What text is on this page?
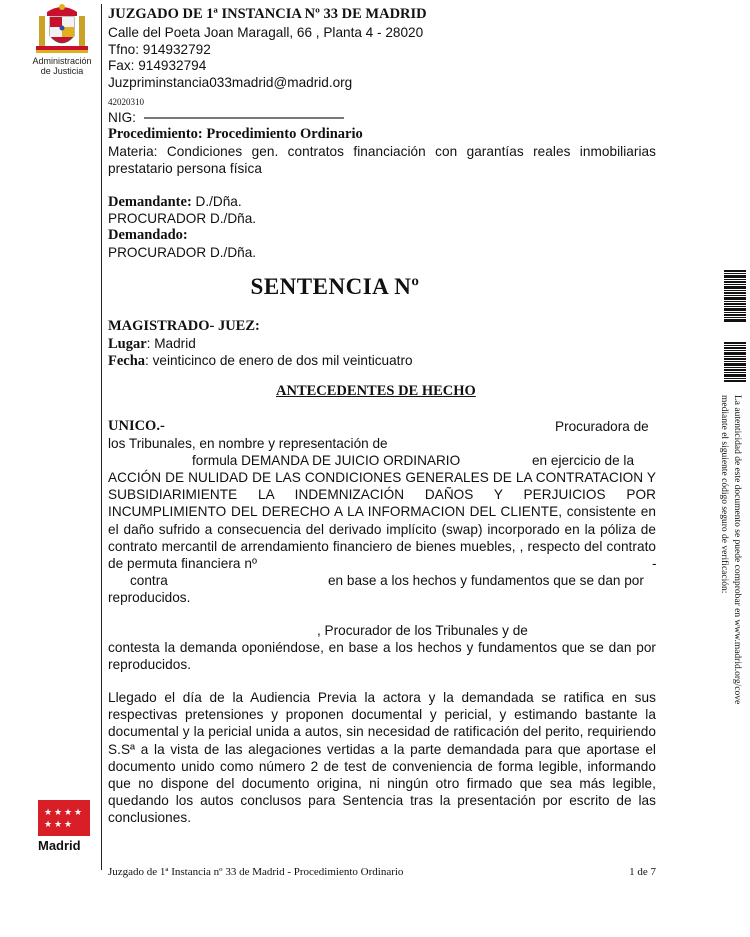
Administración
de Justicia
★ ★ ★ ★
★ ★ ★
Madrid
JUZGADO DE 1ª INSTANCIA Nº 33 DE MADRID
Calle del Poeta Joan Maragall, 66 , Planta 4 - 28020
Tfno: 914932792
Fax: 914932794
Juzpriminstancia033madrid@madrid.org
42020310
NIG:
Procedimiento: Procedimiento Ordinario
Materia: Condiciones gen. contratos financiación con garantías reales inmobiliarias prestatario persona física
Demandante: D./Dña.
PROCURADOR D./Dña.
Demandado:
PROCURADOR D./Dña.
SENTENCIA Nº
MAGISTRADO- JUEZ:
Lugar: Madrid
Fecha: veinticinco de enero de dos mil veinticuatro
ANTECEDENTES DE HECHO
UNICO.-	Procuradora de
los Tribunales, en nombre y representación de
formula DEMANDA DE JUICIO ORDINARIO	en ejercicio de la
ACCIÓN DE NULIDAD DE LAS CONDICIONES GENERALES DE LA CONTRATACION Y SUBSIDIARIMIENTE LA INDEMNIZACIÓN DAÑOS Y PERJUICIOS POR INCUMPLIMIENTO DEL DERECHO A LA INFORMACION DEL CLIENTE, consistente en el daño sufrido a consecuencia del derivado implícito (swap) incorporado en la póliza de contrato mercantil de arrendamiento financiero de bienes muebles, , respecto del contrato de permuta financiera nº	-
contra	en base a los hechos y fundamentos que se dan por
reproducidos.
, Procurador de los Tribunales y de
contesta la demanda oponiéndose, en base a los hechos y fundamentos que se dan por reproducidos.
Llegado el día de la Audiencia Previa la actora y la demandada se ratifica en sus respectivas pretensiones y proponen documental y pericial, y estimando bastante la documental y la pericial unida a autos, sin necesidad de ratificación del perito, requiriendo S.Sª a la vista de las alegaciones vertidas a la parte demandada para que aportase el documento unido como número 2 de test de conveniencia de forma legible, informando que no dispone del documento origina, ni ningún otro firmado que sea más legible, quedando los autos conclusos para Sentencia tras la presentación por escrito de las conclusiones.
Juzgado de 1ª Instancia nº 33 de Madrid - Procedimiento Ordinario	1 de 7
La autenticidad de este documento se puede comprobar en www.madrid.org/cove
mediante el siguiente código seguro de verificación:
